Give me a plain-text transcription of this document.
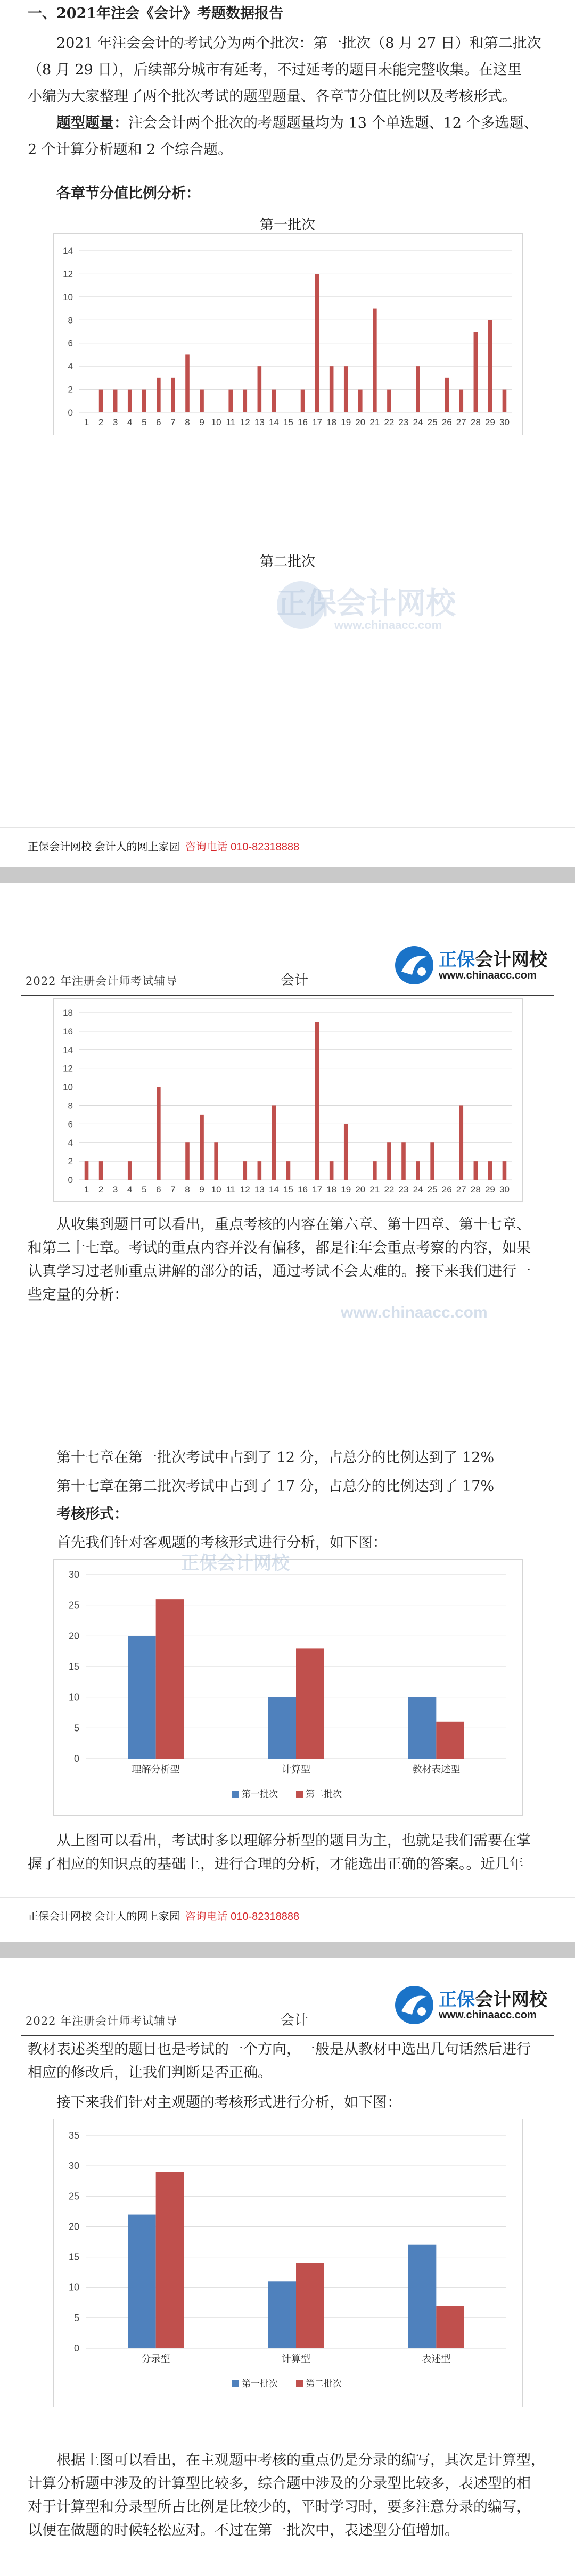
一、2021年注会《会计》考题数据报告
2021 年注会会计的考试分为两个批次：第一批次（8 月 27 日）和第二批次
（8 月 29 日），后续部分城市有延考，不过延考的题目未能完整收集。在这里
小编为大家整理了两个批次考试的题型题量、各章节分值比例以及考核形式。
题型题量：注会会计两个批次的考题题量均为 13 个单选题、12 个多选题、
2 个计算分析题和 2 个综合题。
各章节分值比例分析：
第一批次
0
2
4
6
8
10
12
14
1 2 3 4 5 6 7 8 9 10 11 12 13 14 15 16 17 18 19 20 21 22 23 24 25 26 27 28 29 30
第二批次
正保会计网校
www.chinaacc.com
正保会计网校 会计人的网上家园 咨询电话 010-82318888
2022 年注册会计师考试辅导	会计
正保会计网校
www.chinaacc.com
0
2
4
6
8
10
12
14
16
18
1 2 3 4 5 6 7 8 9 10 11 12 13 14 15 16 17 18 19 20 21 22 23 24 25 26 27 28 29 30
从收集到题目可以看出，重点考核的内容在第六章、第十四章、第十七章、
和第二十七章。考试的重点内容并没有偏移，都是往年会重点考察的内容，如果
认真学习过老师重点讲解的部分的话，通过考试不会太难的。接下来我们进行一
些定量的分析：
第十七章在第一批次考试中占到了 12 分，占总分的比例达到了 12%
第十七章在第二批次考试中占到了 17 分，占总分的比例达到了 17%
考核形式：
首先我们针对客观题的考核形式进行分析，如下图：
0
5
10
15
20
25
30
理解分析型	计算型	教材表述型
第一批次	第二批次
从上图可以看出，考试时多以理解分析型的题目为主，也就是我们需要在掌
握了相应的知识点的基础上，进行合理的分析，才能选出正确的答案。。近几年
www.chinaacc.com
正保会计网校
正保会计网校 会计人的网上家园 咨询电话 010-82318888
2022 年注册会计师考试辅导	会计
正保会计网校
www.chinaacc.com
教材表述类型的题目也是考试的一个方向，一般是从教材中选出几句话然后进行
相应的修改后，让我们判断是否正确。
接下来我们针对主观题的考核形式进行分析，如下图：
0
5
10
15
20
25
30
35
分录型	计算型	表述型
第一批次	第二批次
根据上图可以看出，在主观题中考核的重点仍是分录的编写，其次是计算型，
计算分析题中涉及的计算型比较多，综合题中涉及的分录型比较多，表述型的相
对于计算型和分录型所占比例是比较少的，平时学习时，要多注意分录的编写，
以便在做题的时候轻松应对。不过在第一批次中，表述型分值增加。
